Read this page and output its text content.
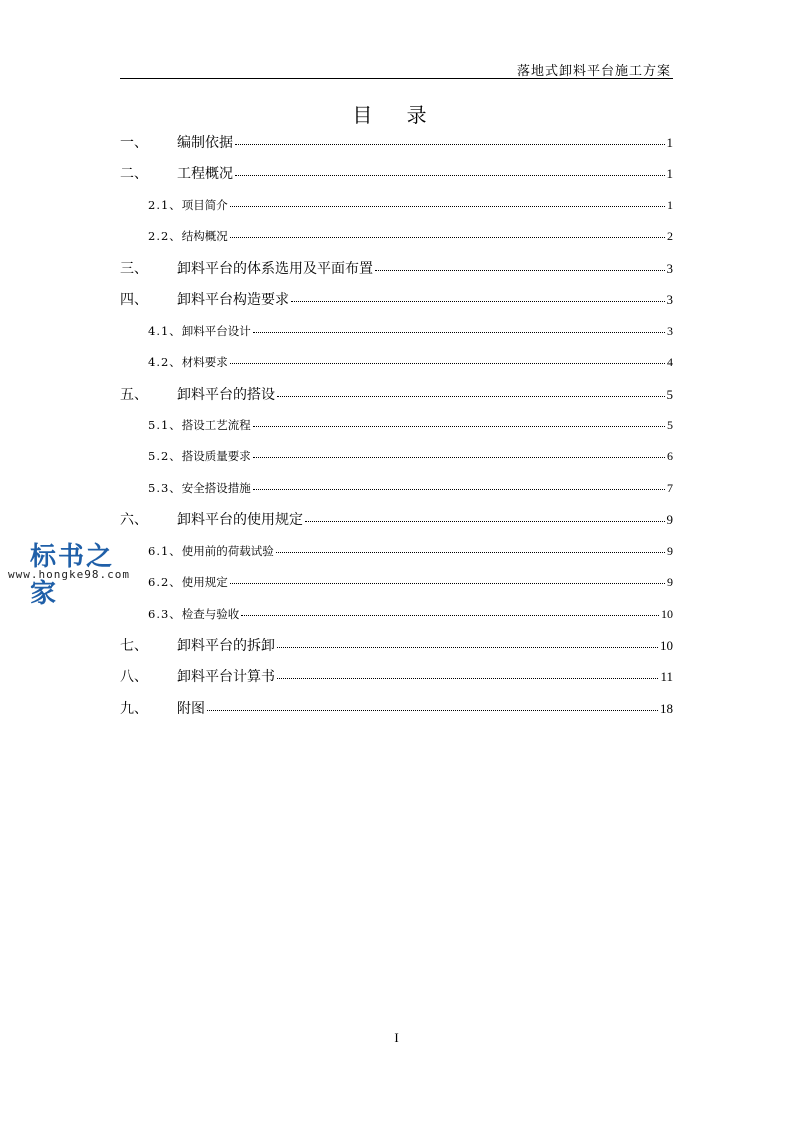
落地式卸料平台施工方案
目 录
一、	编制依据	1
二、	工程概况	1
2.1、 项目简介	1
2.2、 结构概况	2
三、	卸料平台的体系选用及平面布置	3
四、	卸料平台构造要求	3
4.1、 卸料平台设计	3
4.2、 材料要求	4
五、	卸料平台的搭设	5
5.1、 搭设工艺流程	5
5.2、 搭设质量要求	6
5.3、 安全搭设措施	7
六、	卸料平台的使用规定	9
6.1、 使用前的荷载试验	9
6.2、 使用规定	9
6.3、 检查与验收	10
七、	卸料平台的拆卸	10
八、	卸料平台计算书	11
九、	附图	18
标书之家
www.hongke98.com
I
